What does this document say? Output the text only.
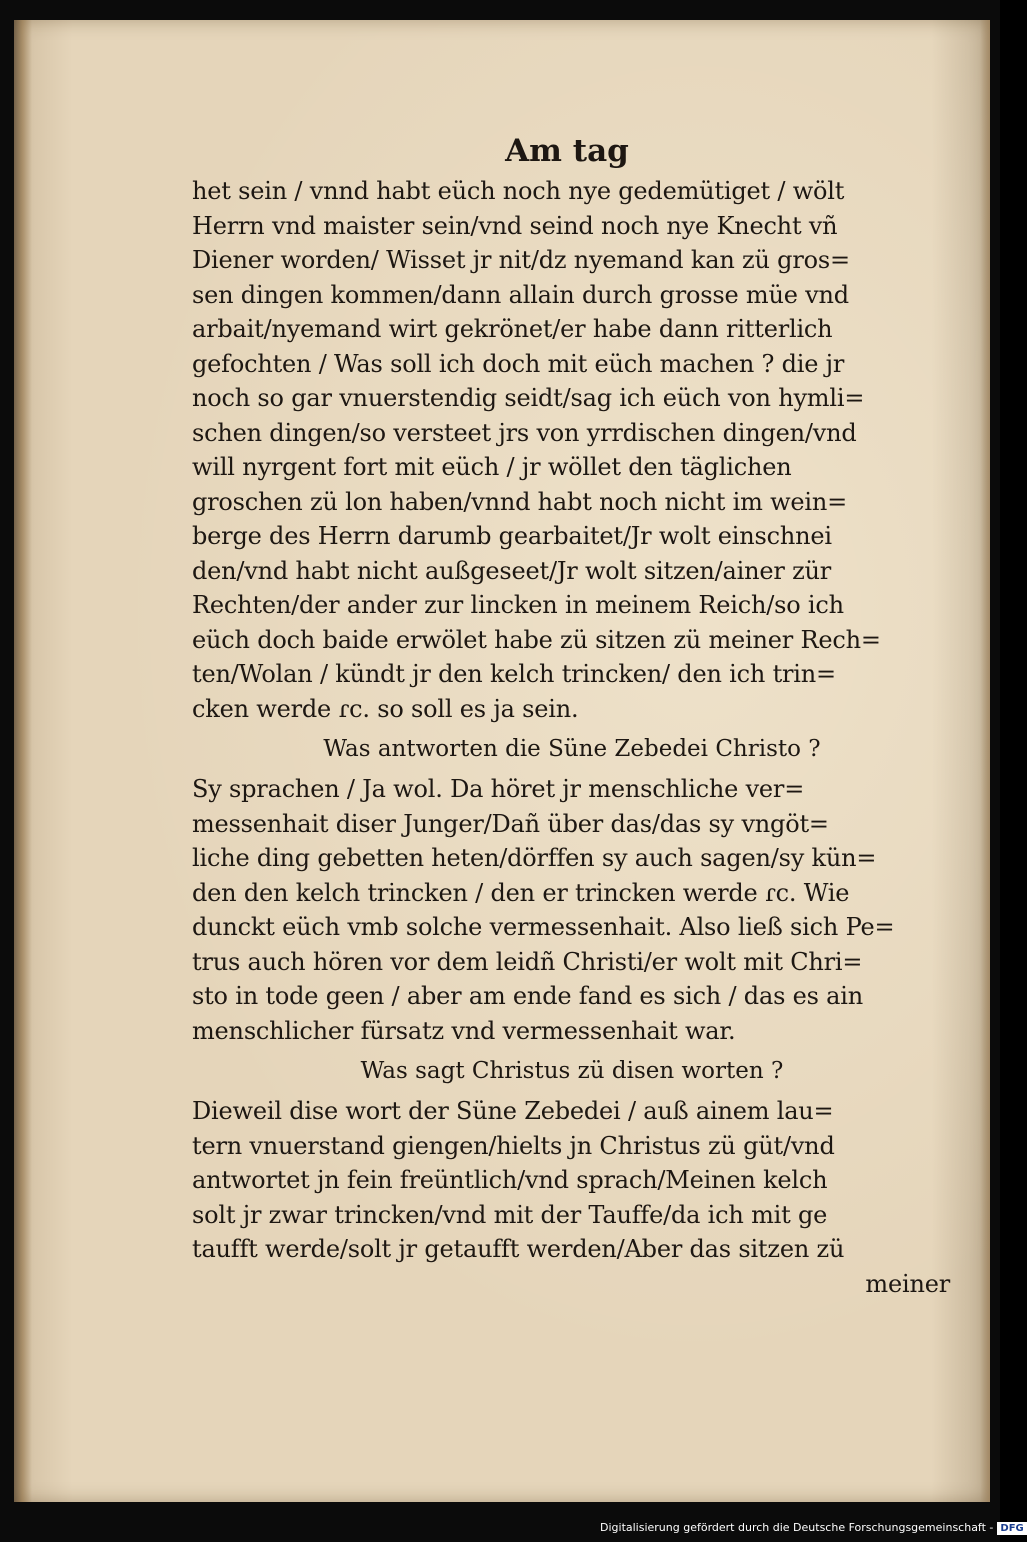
Am tag
het sein / vnnd habt eüch noch nye gedemütiget / wölt
Herrn vnd maister sein/vnd seind noch nye Knecht vñ
Diener worden/ Wisset jr nit/dz nyemand kan zü gros=
sen dingen kommen/dann allain durch grosse müe vnd
arbait/nyemand wirt gekrönet/er habe dann ritterlich
gefochten / Was soll ich doch mit eüch machen ? die jr
noch so gar vnuerstendig seidt/sag ich eüch von hymli=
schen dingen/so versteet jrs von yrrdischen dingen/vnd
will nyrgent fort mit eüch / jr wöllet den täglichen
groschen zü lon haben/vnnd habt noch nicht im wein=
berge des Herrn darumb gearbaitet/Jr wolt einschnei
den/vnd habt nicht außgeseet/Jr wolt sitzen/ainer zür
Rechten/der ander zur lincken in meinem Reich/so ich
eüch doch baide erwölet habe zü sitzen zü meiner Rech=
ten/Wolan / kündt jr den kelch trincken/ den ich trin=
cken werde ɾc. so soll es ja sein.
Was antworten die Süne Zebedei Christo ?
Sy sprachen / Ja wol. Da höret jr menschliche ver=
messenhait diser Junger/Dañ über das/das sy vngöt=
liche ding gebetten heten/dörffen sy auch sagen/sy kün=
den den kelch trincken / den er trincken werde ɾc. Wie
dunckt eüch vmb solche vermessenhait. Also ließ sich Pe=
trus auch hören vor dem leidñ Christi/er wolt mit Chri=
sto in tode geen / aber am ende fand es sich / das es ain
menschlicher fürsatz vnd vermessenhait war.
Was sagt Christus zü disen worten ?
Dieweil dise wort der Süne Zebedei / auß ainem lau=
tern vnuerstand giengen/hielts jn Christus zü güt/vnd
antwortet jn fein freüntlich/vnd sprach/Meinen kelch
solt jr zwar trincken/vnd mit der Tauffe/da ich mit ge
taufft werde/solt jr getaufft werden/Aber das sitzen zü
meiner
Digitalisierung gefördert durch die Deutsche Forschungsgemeinschaft - DFG
